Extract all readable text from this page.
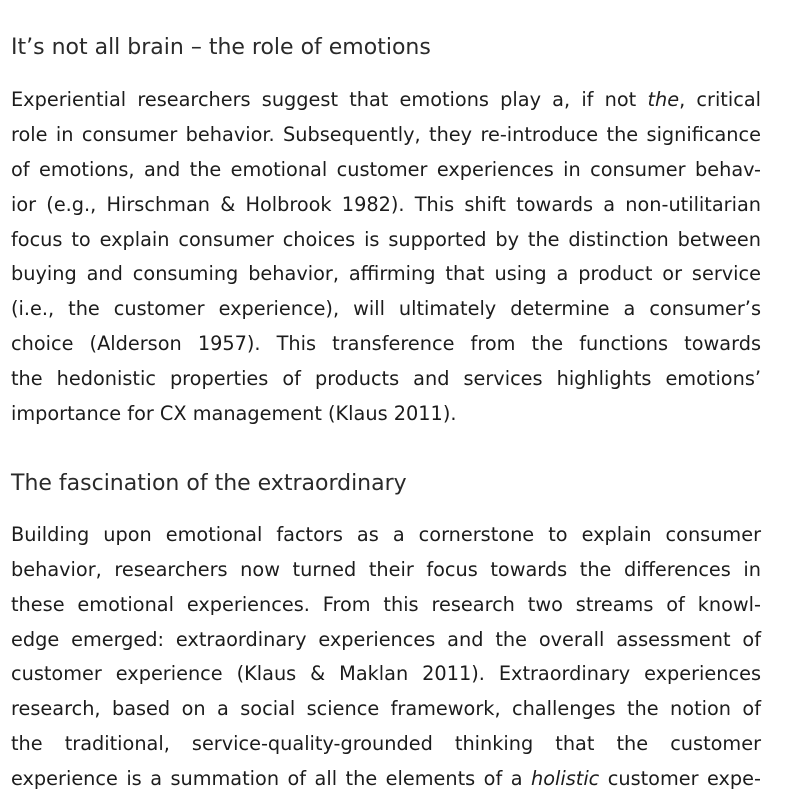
It’s not all brain – the role of emotions
Experiential researchers suggest that emotions play a, if not the, critical
role in consumer behavior. Subsequently, they re-introduce the significance
of emotions, and the emotional customer experiences in consumer behav-
ior (e.g., Hirschman & Holbrook 1982). This shift towards a non-utilitarian
focus to explain consumer choices is supported by the distinction between
buying and consuming behavior, affirming that using a product or service
(i.e., the customer experience), will ultimately determine a consumer’s
choice (Alderson 1957). This transference from the functions towards
the hedonistic properties of products and services highlights emotions’
importance for CX management (Klaus 2011).
The fascination of the extraordinary
Building upon emotional factors as a cornerstone to explain consumer
behavior, researchers now turned their focus towards the differences in
these emotional experiences. From this research two streams of knowl-
edge emerged: extraordinary experiences and the overall assessment of
customer experience (Klaus & Maklan 2011). Extraordinary experiences
research, based on a social science framework, challenges the notion of
the traditional, service-quality-grounded thinking that the customer
experience is a summation of all the elements of a holistic customer expe-
